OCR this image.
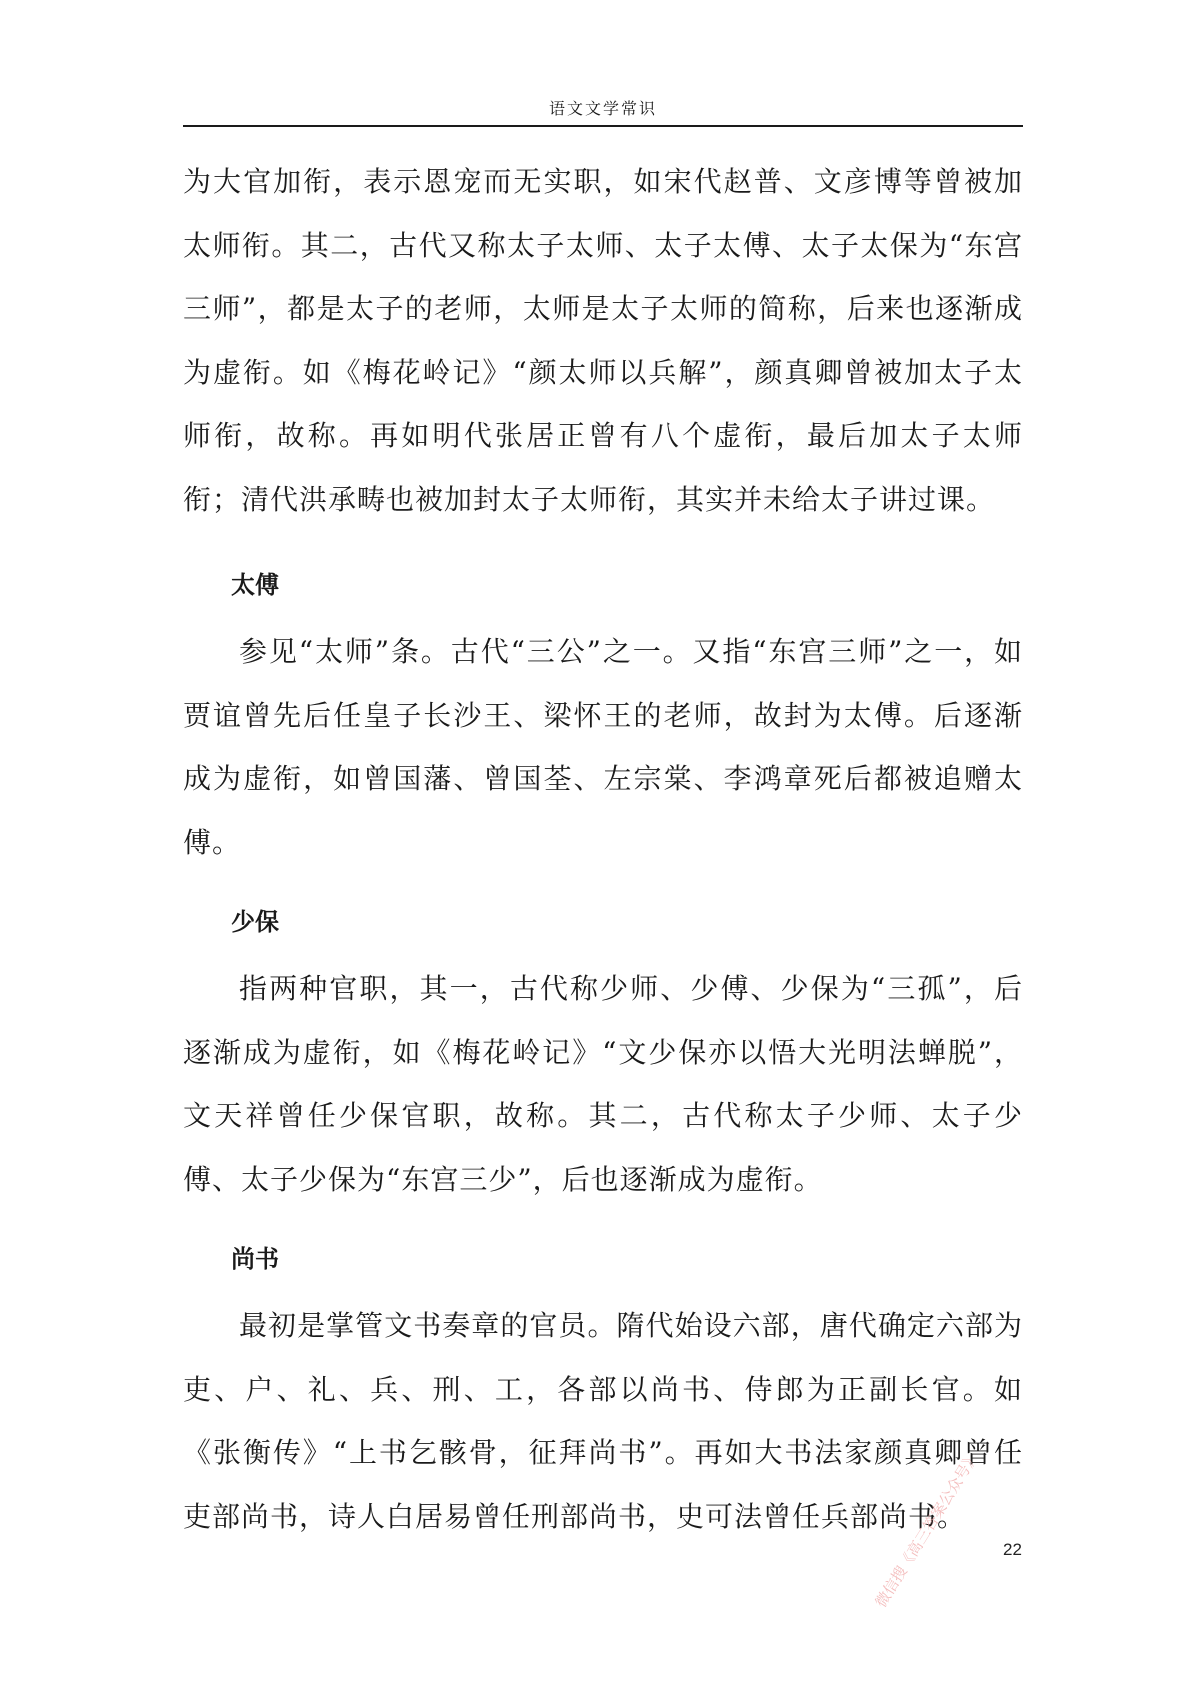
语文文学常识

为大官加衔，表示恩宠而无实职，如宋代赵普、文彦博等曾被加太师衔。其二，古代又称太子太师、太子太傅、太子太保为“东宫三师”，都是太子的老师，太师是太子太师的简称，后来也逐渐成为虚衔。如《梅花岭记》“颜太师以兵解”，颜真卿曾被加太子太师衔，故称。再如明代张居正曾有八个虚衔，最后加太子太师衔；清代洪承畴也被加封太子太师衔，其实并未给太子讲过课。

太傅

参见“太师”条。古代“三公”之一。又指“东宫三师”之一，如贾谊曾先后任皇子长沙王、梁怀王的老师，故封为太傅。后逐渐成为虚衔，如曾国藩、曾国荃、左宗棠、李鸿章死后都被追赠太傅。

少保

指两种官职，其一，古代称少师、少傅、少保为“三孤”，后逐渐成为虚衔，如《梅花岭记》“文少保亦以悟大光明法蝉脱”，文天祥曾任少保官职，故称。其二，古代称太子少师、太子少傅、太子少保为“东宫三少”，后也逐渐成为虚衔。

尚书

最初是掌管文书奏章的官员。隋代始设六部，唐代确定六部为吏、户、礼、兵、刑、工，各部以尚书、侍郎为正副长官。如《张衡传》“上书乞骸骨，征拜尚书”。再如大书法家颜真卿曾任吏部尚书，诗人白居易曾任刑部尚书，史可法曾任兵部尚书。

22
微信搜《高三答案公众号》
